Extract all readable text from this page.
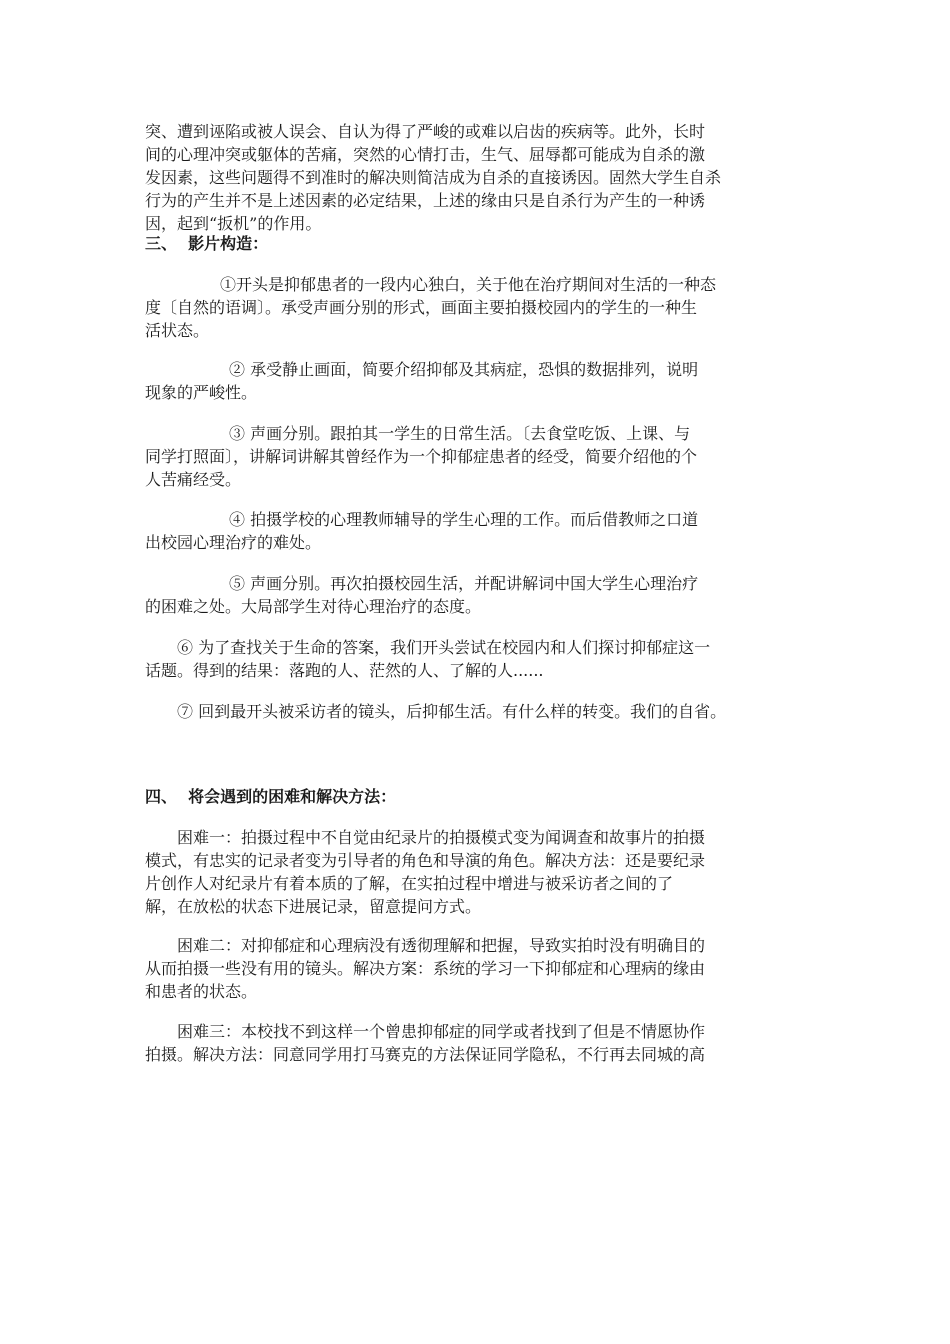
突、遭到诬陷或被人误会、自认为得了严峻的或难以启齿的疾病等。此外，长时
间的心理冲突或躯体的苦痛，突然的心情打击，生气、屈辱都可能成为自杀的激
发因素，这些问题得不到准时的解决则简洁成为自杀的直接诱因。固然大学生自杀
行为的产生并不是上述因素的必定结果，上述的缘由只是自杀行为产生的一种诱
因，起到“扳机”的作用。

三、  影片构造：

①开头是抑郁患者的一段内心独白，关于他在治疗期间对生活的一种态
度〔自然的语调〕。承受声画分别的形式，画面主要拍摄校园内的学生的一种生
活状态。

② 承受静止画面，简要介绍抑郁及其病症，恐惧的数据排列，说明
现象的严峻性。

③ 声画分别。跟拍其一学生的日常生活。〔去食堂吃饭、上课、与
同学打照面〕，讲解词讲解其曾经作为一个抑郁症患者的经受，简要介绍他的个
人苦痛经受。

④ 拍摄学校的心理教师辅导的学生心理的工作。而后借教师之口道
出校园心理治疗的难处。

⑤ 声画分别。再次拍摄校园生活，并配讲解词中国大学生心理治疗
的困难之处。大局部学生对待心理治疗的态度。

⑥ 为了查找关于生命的答案，我们开头尝试在校园内和人们探讨抑郁症这一
话题。得到的结果：落跑的人、茫然的人、了解的人......

⑦ 回到最开头被采访者的镜头，后抑郁生活。有什么样的转变。我们的自省。

四、  将会遇到的困难和解决方法：

困难一：拍摄过程中不自觉由纪录片的拍摄模式变为闻调查和故事片的拍摄
模式，有忠实的记录者变为引导者的角色和导演的角色。解决方法：还是要纪录
片创作人对纪录片有着本质的了解，在实拍过程中增进与被采访者之间的了
解，在放松的状态下进展记录，留意提问方式。

困难二：对抑郁症和心理病没有透彻理解和把握，导致实拍时没有明确目的
从而拍摄一些没有用的镜头。解决方案：系统的学习一下抑郁症和心理病的缘由
和患者的状态。

困难三：本校找不到这样一个曾患抑郁症的同学或者找到了但是不情愿协作
拍摄。解决方法：同意同学用打马赛克的方法保证同学隐私，不行再去同城的高
